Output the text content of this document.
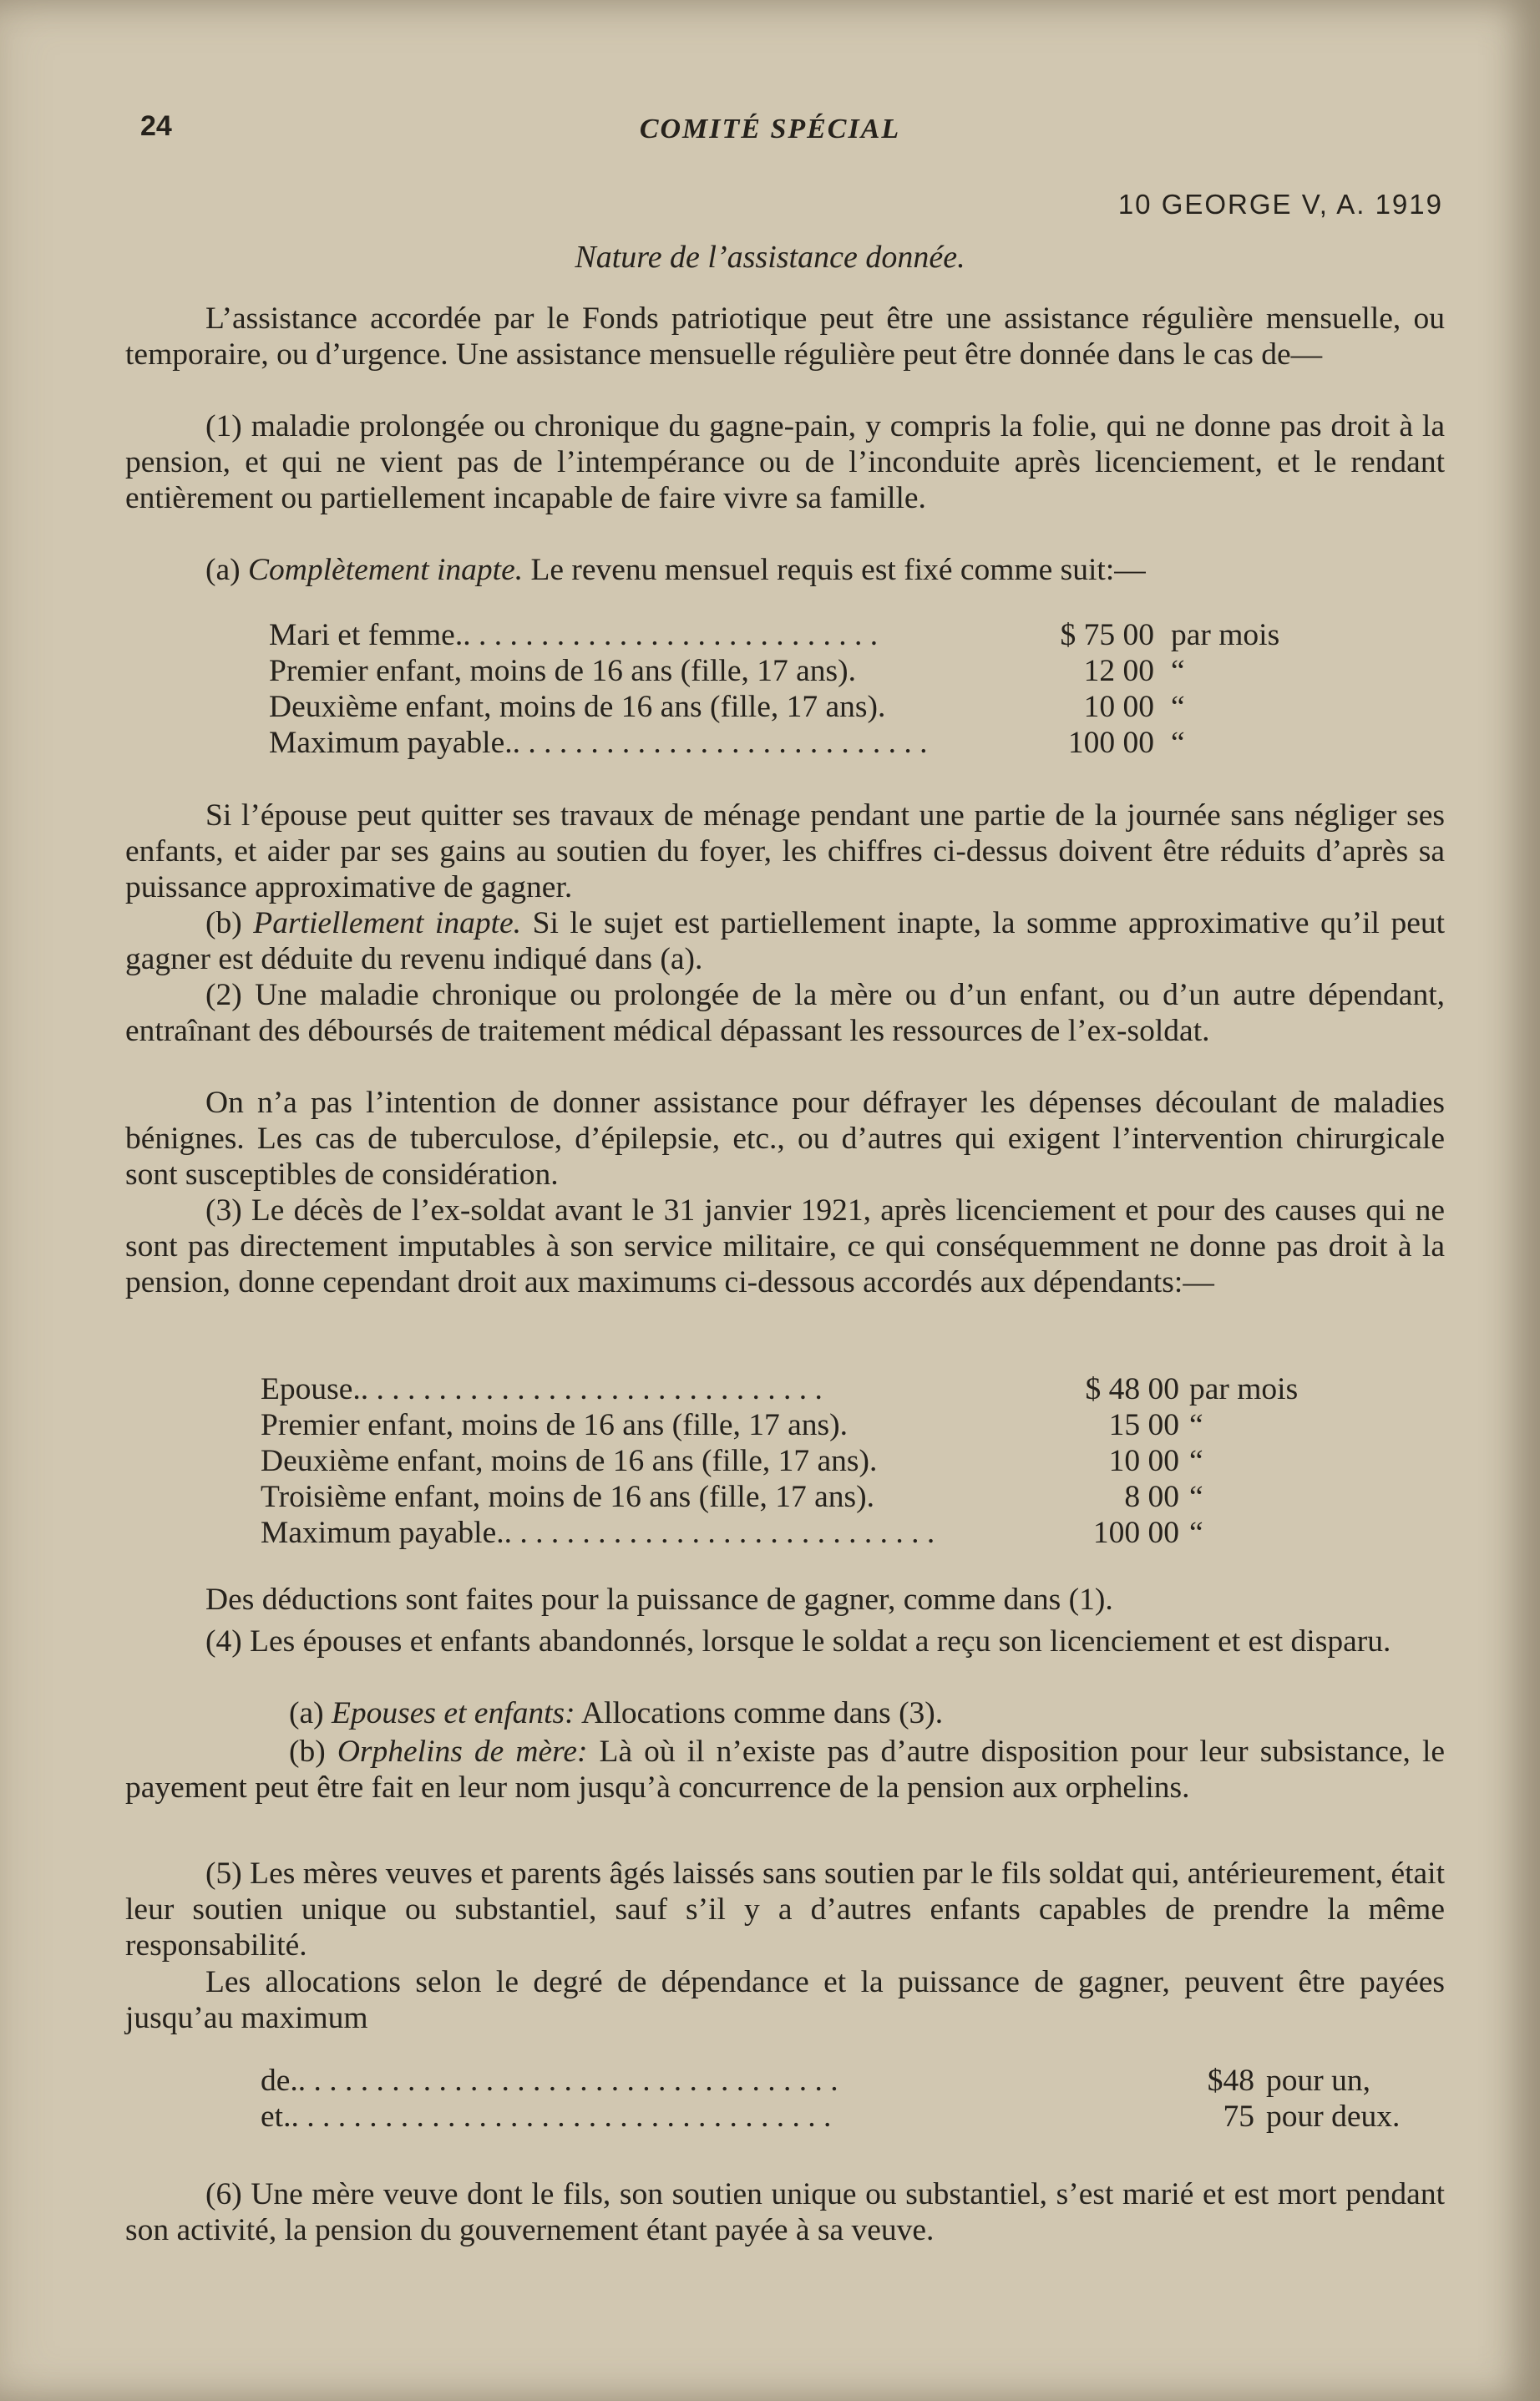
24	COMITÉ SPÉCIAL
10 GEORGE V, A. 1919
Nature de l’assistance donnée.

L’assistance accordée par le Fonds patriotique peut être une assistance régulière mensuelle, ou temporaire, ou d’urgence. Une assistance mensuelle régulière peut être donnée dans le cas de—

(1) maladie prolongée ou chronique du gagne-pain, y compris la folie, qui ne donne pas droit à la pension, et qui ne vient pas de l’intempérance ou de l’inconduite après licenciement, et le rendant entièrement ou partiellement incapable de faire vivre sa famille.

(a) Complètement inapte. Le revenu mensuel requis est fixé comme suit:—

Mari et femme.. . . . . . . . . . . . . . . . . . . . . . . . . . .	$ 75 00 par mois
Premier enfant, moins de 16 ans (fille, 17 ans).	12 00 “
Deuxième enfant, moins de 16 ans (fille, 17 ans).	10 00 “
Maximum payable.. . . . . . . . . . . . . . . . . . . . . . . . . . .	100 00 “

Si l’épouse peut quitter ses travaux de ménage pendant une partie de la journée sans négliger ses enfants, et aider par ses gains au soutien du foyer, les chiffres ci-dessus doivent être réduits d’après sa puissance approximative de gagner.

(b) Partiellement inapte. Si le sujet est partiellement inapte, la somme approximative qu’il peut gagner est déduite du revenu indiqué dans (a).

(2) Une maladie chronique ou prolongée de la mère ou d’un enfant, ou d’un autre dépendant, entraînant des déboursés de traitement médical dépassant les ressources de l’ex-soldat.

On n’a pas l’intention de donner assistance pour défrayer les dépenses découlant de maladies bénignes. Les cas de tuberculose, d’épilepsie, etc., ou d’autres qui exigent l’intervention chirurgicale sont susceptibles de considération.

(3) Le décès de l’ex-soldat avant le 31 janvier 1921, après licenciement et pour des causes qui ne sont pas directement imputables à son service militaire, ce qui conséquemment ne donne pas droit à la pension, donne cependant droit aux maximums ci-dessous accordés aux dépendants:—

Epouse.. . . . . . . . . . . . . . . . . . . . . . . . . . . . . .	$ 48 00 par mois
Premier enfant, moins de 16 ans (fille, 17 ans).	15 00 “
Deuxième enfant, moins de 16 ans (fille, 17 ans).	10 00 “
Troisième enfant, moins de 16 ans (fille, 17 ans).	8 00 “
Maximum payable.. . . . . . . . . . . . . . . . . . . . . . . . . . . .	100 00 “

Des déductions sont faites pour la puissance de gagner, comme dans (1).

(4) Les épouses et enfants abandonnés, lorsque le soldat a reçu son licenciement et est disparu.

(a) Epouses et enfants: Allocations comme dans (3).

(b) Orphelins de mère: Là où il n’existe pas d’autre disposition pour leur subsistance, le payement peut être fait en leur nom jusqu’à concurrence de la pension aux orphelins.

(5) Les mères veuves et parents âgés laissés sans soutien par le fils soldat qui, antérieurement, était leur soutien unique ou substantiel, sauf s’il y a d’autres enfants capables de prendre la même responsabilité.

Les allocations selon le degré de dépendance et la puissance de gagner, peuvent être payées jusqu’au maximum

de.. . . . . . . . . . . . . . . . . . . . . . . . . . . . . . . . . . .	$48 pour un,
et.. . . . . . . . . . . . . . . . . . . . . . . . . . . . . . . . . . .	75 pour deux.

(6) Une mère veuve dont le fils, son soutien unique ou substantiel, s’est marié et est mort pendant son activité, la pension du gouvernement étant payée à sa veuve.
